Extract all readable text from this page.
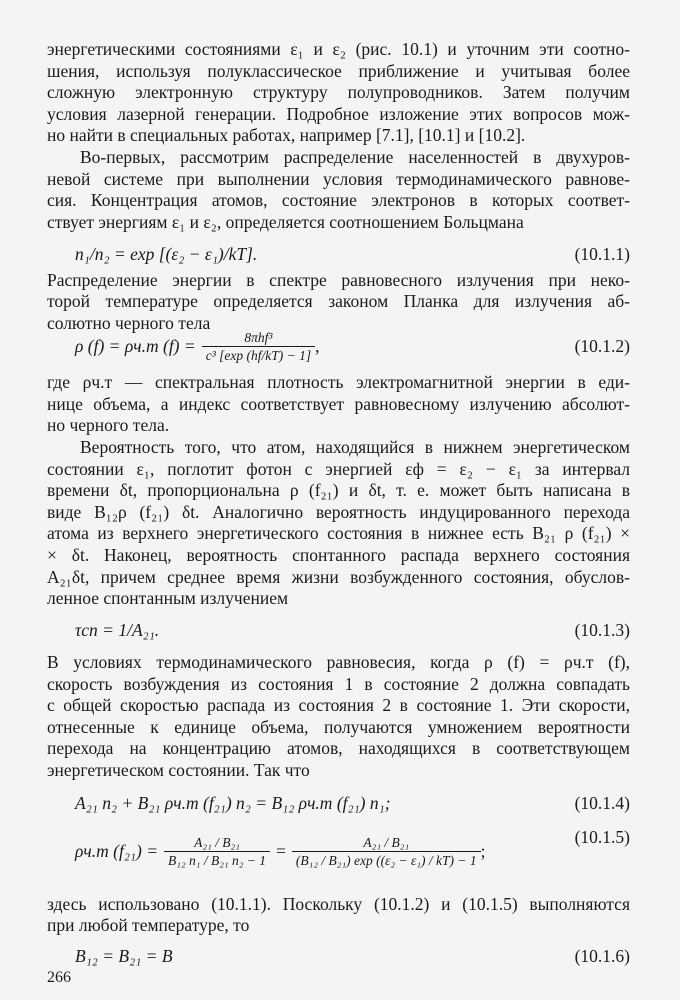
энергетическими состояниями ε₁ и ε₂ (рис. 10.1) и уточним эти соотно-
шения, используя полуклассическое приближение и учитывая более
сложную электронную структуру полупроводников. Затем получим
условия лазерной генерации. Подробное изложение этих вопросов мож-
но найти в специальных работах, например [7.1], [10.1] и [10.2].
Во-первых, рассмотрим распределение населенностей в двухуров-
невой системе при выполнении условия термодинамического равнове-
сия. Концентрация атомов, состояние электронов в которых соответ-
ствует энергиям ε₁ и ε₂, определяется соотношением Больцмана
n₁/n₂ = exp [(ε₂ − ε₁)/kT].	(10.1.1)
Распределение энергии в спектре равновесного излучения при неко-
торой температуре определяется законом Планка для излучения аб-
солютно черного тела
ρ (f) = ρч.т $(f) = \frac{\text{8πhf³}}{\text{c³ [exp (hf/kT) − 1]}}$ ,	(10.1.2)
где ρч.т — спектральная плотность электромагнитной энергии в еди-
нице объема, а индекс соответствует равновесному излучению абсолют-
но черного тела.
Вероятность того, что атом, находящийся в нижнем энергетическом
состоянии ε₁, поглотит фотон с энергией εф = ε₂ − ε₁ за интервал
времени δt, пропорциональна ρ (f₂₁) и δt, т. е. может быть написана в
виде B₁₂ρ (f₂₁) δt. Аналогично вероятность индуцированного перехода
атома из верхнего энергетического состояния в нижнее есть B₂₁ ρ (f₂₁) ×
× δt. Наконец, вероятность спонтанного распада верхнего состояния
A₂₁δt, причем среднее время жизни возбужденного состояния, обуслов-
ленное спонтанным излучением
τсп = 1/A₂₁.	(10.1.3)
В условиях термодинамического равновесия, когда ρ (f) = ρч.т (f),
скорость возбуждения из состояния 1 в состояние 2 должна совпадать
с общей скоростью распада из состояния 2 в состояние 1. Эти скорости,
отнесенные к единице объема, получаются умножением вероятности
перехода на концентрацию атомов, находящихся в соответствующем
энергетическом состоянии. Так что
A₂₁ n₂ + B₂₁ ρч.т (f₂₁) n₂ = B₁₂ ρч.т (f₂₁) n₁;	(10.1.4)
ρч.т $(f_{21}) = \frac{\text{A₂₁ / B₂₁}}{\text{B₁₂ n₁ / B₂₁ n₂ − 1}} = \frac{\text{A₂₁ / B₂₁}}{\text{(B₁₂ / B₂₁) exp ((ε₂ − ε₁) / kT) − 1}}$ ;
(10.1.5)
здесь использовано (10.1.1). Поскольку (10.1.2) и (10.1.5) выполняются
при любой температуре, то
B₁₂ = B₂₁ = B	(10.1.6)
266
